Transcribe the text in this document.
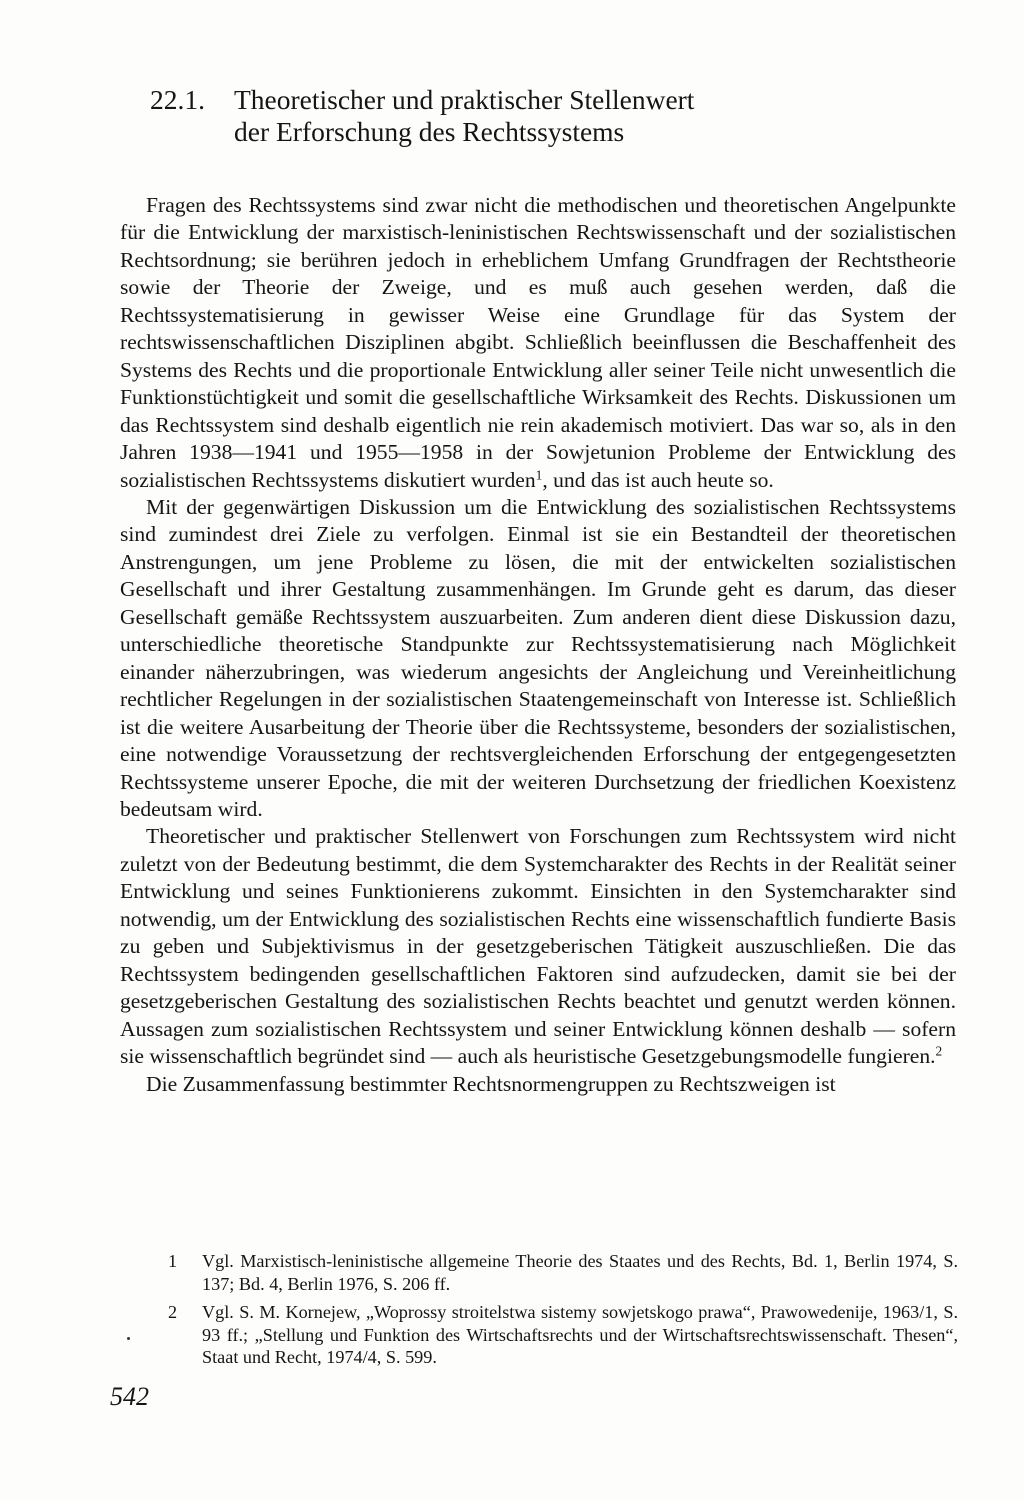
22.1. Theoretischer und praktischer Stellenwert
der Erforschung des Rechtssystems

Fragen des Rechtssystems sind zwar nicht die methodischen und theoretischen Angelpunkte für die Entwicklung der marxistisch-leninistischen Rechtswissenschaft und der sozialistischen Rechtsordnung; sie berühren jedoch in erheblichem Umfang Grundfragen der Rechtstheorie sowie der Theorie der Zweige, und es muß auch gesehen werden, daß die Rechtssystematisierung in gewisser Weise eine Grundlage für das System der rechtswissenschaftlichen Disziplinen abgibt. Schließlich beeinflussen die Beschaffenheit des Systems des Rechts und die proportionale Entwicklung aller seiner Teile nicht unwesentlich die Funktionstüchtigkeit und somit die gesellschaftliche Wirksamkeit des Rechts. Diskussionen um das Rechtssystem sind deshalb eigentlich nie rein akademisch motiviert. Das war so, als in den Jahren 1938—1941 und 1955—1958 in der Sowjetunion Probleme der Entwicklung des sozialistischen Rechtssystems diskutiert wurden$^1$, und das ist auch heute so.

Mit der gegenwärtigen Diskussion um die Entwicklung des sozialistischen Rechtssystems sind zumindest drei Ziele zu verfolgen. Einmal ist sie ein Bestandteil der theoretischen Anstrengungen, um jene Probleme zu lösen, die mit der entwickelten sozialistischen Gesellschaft und ihrer Gestaltung zusammenhängen. Im Grunde geht es darum, das dieser Gesellschaft gemäße Rechtssystem auszuarbeiten. Zum anderen dient diese Diskussion dazu, unterschiedliche theoretische Standpunkte zur Rechtssystematisierung nach Möglichkeit einander näherzubringen, was wiederum angesichts der Angleichung und Vereinheitlichung rechtlicher Regelungen in der sozialistischen Staatengemeinschaft von Interesse ist. Schließlich ist die weitere Ausarbeitung der Theorie über die Rechtssysteme, besonders der sozialistischen, eine notwendige Voraussetzung der rechtsvergleichenden Erforschung der entgegengesetzten Rechtssysteme unserer Epoche, die mit der weiteren Durchsetzung der friedlichen Koexistenz bedeutsam wird.

Theoretischer und praktischer Stellenwert von Forschungen zum Rechtssystem wird nicht zuletzt von der Bedeutung bestimmt, die dem Systemcharakter des Rechts in der Realität seiner Entwicklung und seines Funktionierens zukommt. Einsichten in den Systemcharakter sind notwendig, um der Entwicklung des sozialistischen Rechts eine wissenschaftlich fundierte Basis zu geben und Subjektivismus in der gesetzgeberischen Tätigkeit auszuschließen. Die das Rechtssystem bedingenden gesellschaftlichen Faktoren sind aufzudecken, damit sie bei der gesetzgeberischen Gestaltung des sozialistischen Rechts beachtet und genutzt werden können. Aussagen zum sozialistischen Rechtssystem und seiner Entwicklung können deshalb — sofern sie wissenschaftlich begründet sind — auch als heuristische Gesetzgebungsmodelle fungieren.$^2$

Die Zusammenfassung bestimmter Rechtsnormengruppen zu Rechtszweigen ist

1 Vgl. Marxistisch-leninistische allgemeine Theorie des Staates und des Rechts, Bd. 1, Berlin 1974, S. 137; Bd. 4, Berlin 1976, S. 206 ff.
2 Vgl. S. M. Kornejew, „Woprossy stroitelstwa sistemy sowjetskogo prawa“, Prawowedenije, 1963/1, S. 93 ff.; „Stellung und Funktion des Wirtschaftsrechts und der Wirtschaftsrechtswissenschaft. Thesen“, Staat und Recht, 1974/4, S. 599.
542
